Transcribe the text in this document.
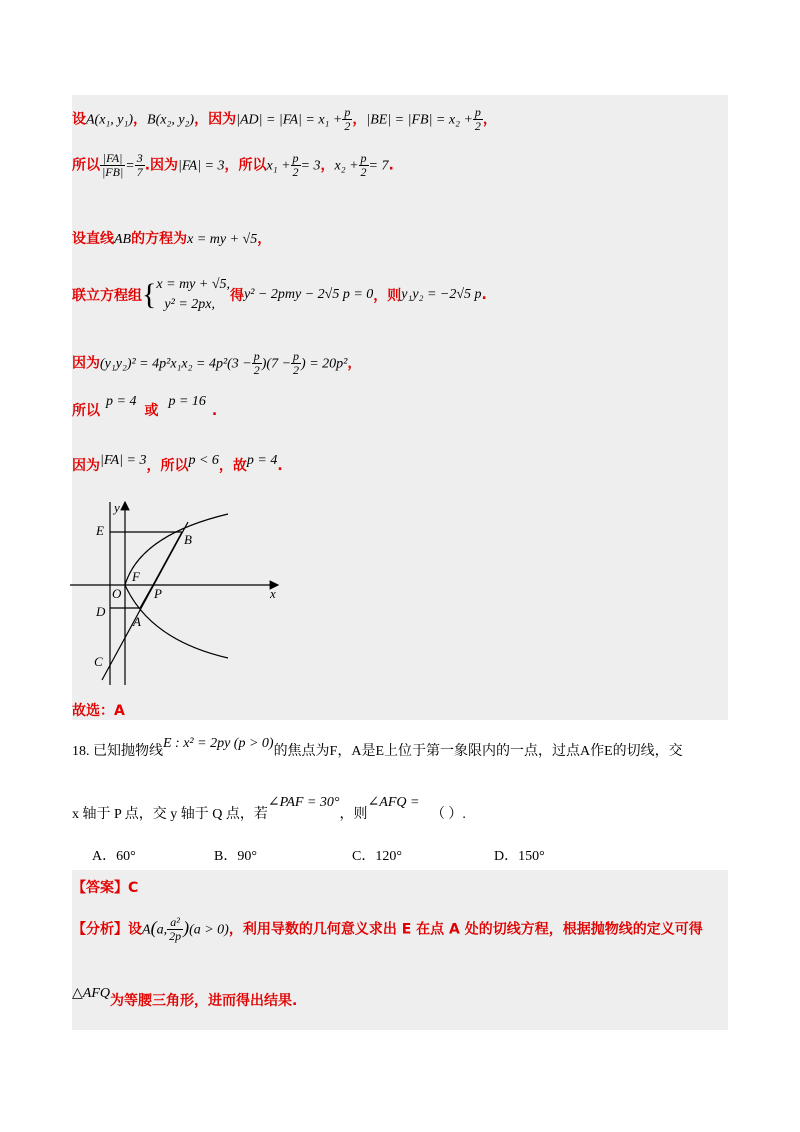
设A(x₁, y₁)，B(x₂, y₂)，因为$|AD| = |FA| = x_1 + \frac{p}{2}$ ，$|BE| = |FB| = x_2 + \frac{p}{2}$ ，
所以 $\frac{|FA|}{|FB|} = \frac{3}{7}$ .因为|FA| = 3，所以$x_1 + \frac{p}{2} = 3$，$x_2 + \frac{p}{2} = 7$.
设直线AB的方程为x = my + √5，
联立方程组{ x = my + √5,
y² = 2px,
得y² − 2pmy − 2√5 p = 0，则y₁y₂ = −2√5 p.
因为$(y_1y_2)^2 = 4p^2x_1x_2 = 4p^2(3 - \frac{p}{2} )(7 - \frac{p}{2}$ ) = 20p²，
所以p = 4或p = 16.
因为|FA| = 3，所以p < 6，故p = 4.
y
x
E
B
F
O	P
D
A
C
故选：A
18. 已知抛物线E : x² = 2py (p > 0)的焦点为F，A是E上位于第一象限内的一点，过点A作E的切线，交
x 轴于 P 点，交 y 轴于 Q 点，若∠PAF = 30°，则∠AFQ = （ ）.
A．60°	B．90°	C．120°	D．150°
【答案】C
【分析】设A(a, $\frac{\text{a²}}{2p} )(a > 0)$，利用导数的几何意义求出 E 在点 A 处的切线方程，根据抛物线的定义可得
△AFQ为等腰三角形，进而得出结果.
